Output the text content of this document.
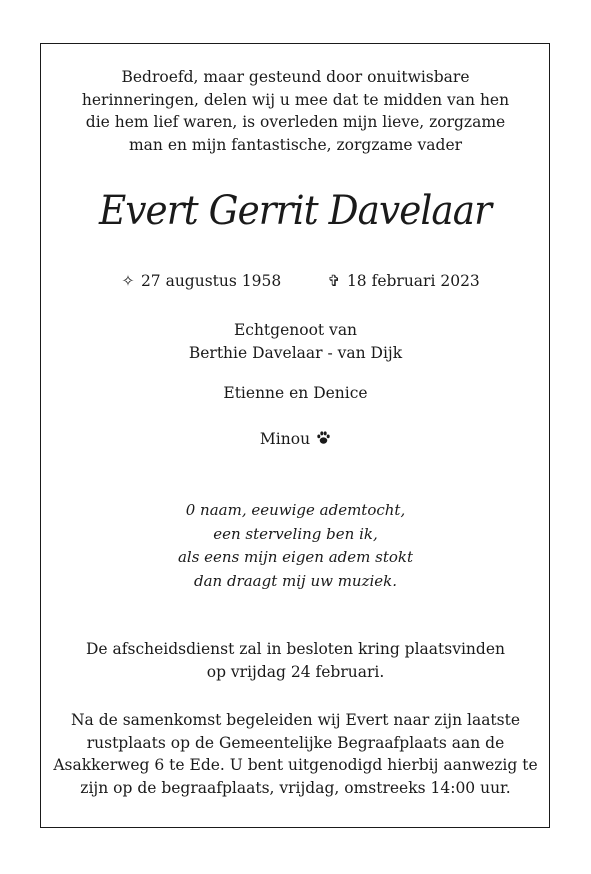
Bedroefd, maar gesteund door onuitwisbare
herinneringen, delen wij u mee dat te midden van hen
die hem lief waren, is overleden mijn lieve, zorgzame
man en mijn fantastische, zorgzame vader
Evert Gerrit Davelaar
✧ 27 augustus 1958	✞ 18 februari 2023
Echtgenoot van
Berthie Davelaar - van Dijk
Etienne en Denice
Minou
0 naam, eeuwige ademtocht,
een sterveling ben ik,
als eens mijn eigen adem stokt
dan draagt mij uw muziek.
De afscheidsdienst zal in besloten kring plaatsvinden
op vrijdag 24 februari.
Na de samenkomst begeleiden wij Evert naar zijn laatste
rustplaats op de Gemeentelijke Begraafplaats aan de
Asakkerweg 6 te Ede. U bent uitgenodigd hierbij aanwezig te
zijn op de begraafplaats, vrijdag, omstreeks 14:00 uur.
